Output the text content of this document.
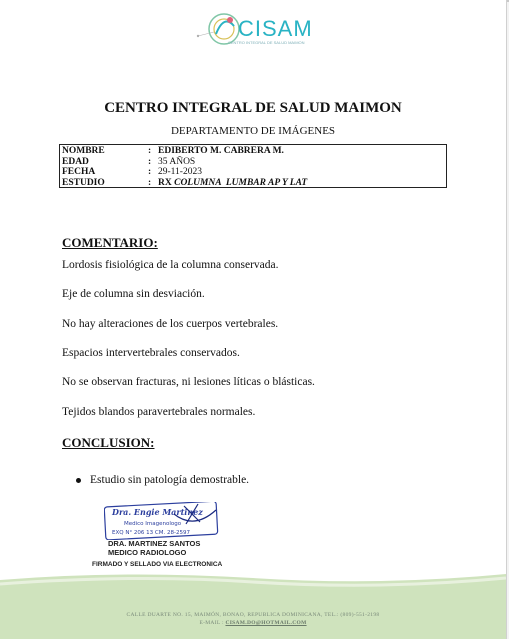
CISAM
CENTRO INTEGRAL DE SALUD MAIMON
CENTRO INTEGRAL DE SALUD MAIMON
DEPARTAMENTO DE IMÁGENES
NOMBRE	: EDIBERTO M. CABRERA M.
EDAD	: 35 AÑOS
FECHA	: 29-11-2023
ESTUDIO	: RX COLUMNA  LUMBAR AP Y LAT
COMENTARIO:
Lordosis fisiológica de la columna conservada.
Eje de columna sin desviación.
No hay alteraciones de los cuerpos vertebrales.
Espacios intervertebrales conservados.
No se observan fracturas, ni lesiones líticas o blásticas.
Tejidos blandos paravertebrales normales.
CONCLUSION:
Estudio sin patología demostrable.
Dra. Engie Martinez
Medico Imagenologo
EXQ N° 206 13 CM. 28-2597
DRA. MARTINEZ SANTOS
MEDICO RADIOLOGO
FIRMADO Y SELLADO VIA ELECTRONICA
CALLE DUARTE NO. 15, MAIMÓN, BONAO, REPUBLICA DOMINICANA, TEL.: (809)-551-2198
E-MAIL : CISAM.DO@HOTMAIL.COM
